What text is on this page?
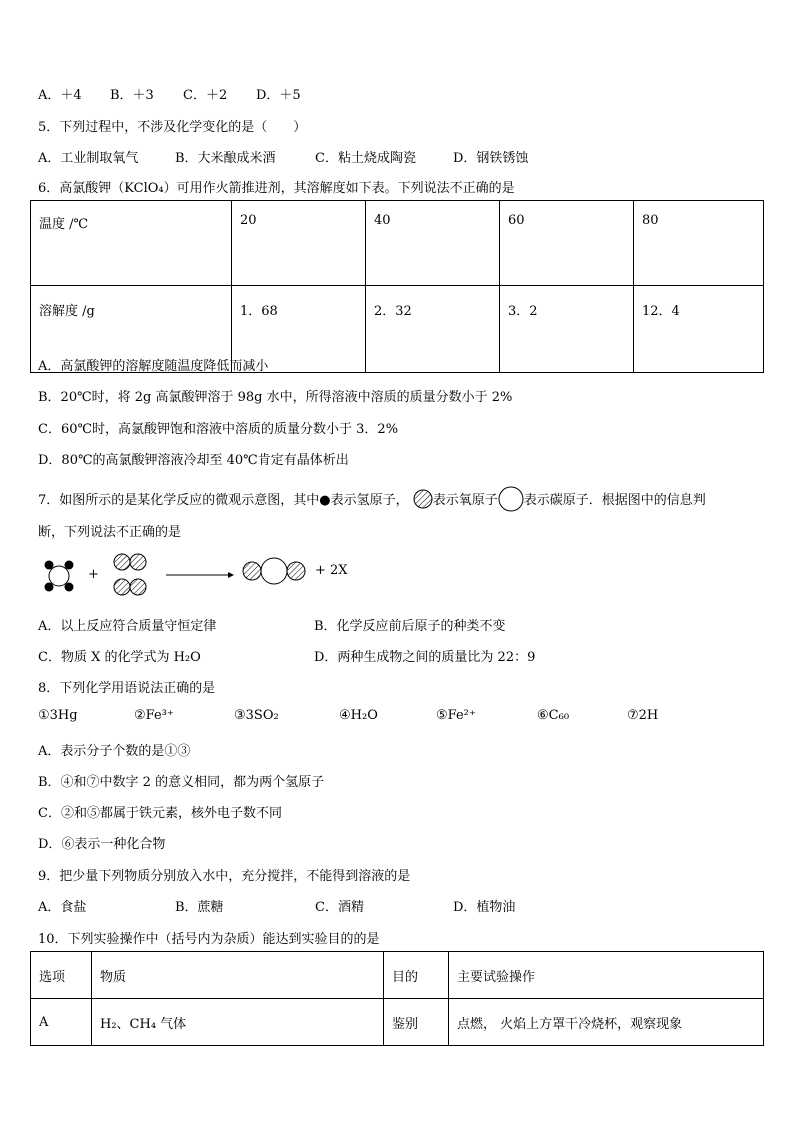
A．＋4 B．＋3 C．＋2 D．＋5
5．下列过程中，不涉及化学变化的是（　　）
A．工业制取氧气	B．大米酿成米酒	C．粘土烧成陶瓷	D．钢铁锈蚀
6．高氯酸钾（KClO₄）可用作火箭推进剂，其溶解度如下表。下列说法不正确的是
温度 /℃	20	40	60	80
溶解度 /g	1．68	2．32	3．2	12．4
A．高氯酸钾的溶解度随温度降低而减小
B．20℃时，将 2g 高氯酸钾溶于 98g 水中，所得溶液中溶质的质量分数小于 2%
C．60℃时，高氯酸钾饱和溶液中溶质的质量分数小于 3．2%
D．80℃的高氯酸钾溶液冷却至 40℃肯定有晶体析出
7．如图所示的是某化学反应的微观示意图，其中●表示氢原子， 表示氧原子 表示碳原子．根据图中的信息判
断，下列说法不正确的是
+	+ 2X
A．以上反应符合质量守恒定律	B．化学反应前后原子的种类不变
C．物质 X 的化学式为 H₂O	D．两种生成物之间的质量比为 22：9
8．下列化学用语说法正确的是
①3Hg	②Fe³⁺	③3SO₂	④H₂O	⑤Fe²⁺	⑥C₆₀	⑦2H
A．表示分子个数的是①③
B．④和⑦中数字 2 的意义相同，都为两个氢原子
C．②和⑤都属于铁元素，核外电子数不同
D．⑥表示一种化合物
9．把少量下列物质分别放入水中，充分搅拌，不能得到溶液的是
A．食盐	B．蔗糖	C．酒精	D．植物油
10．下列实验操作中（括号内为杂质）能达到实验目的的是
选项	物质	目的	主要试验操作
A	H₂、CH₄ 气体	鉴别	点燃， 火焰上方罩干冷烧杯，观察现象
